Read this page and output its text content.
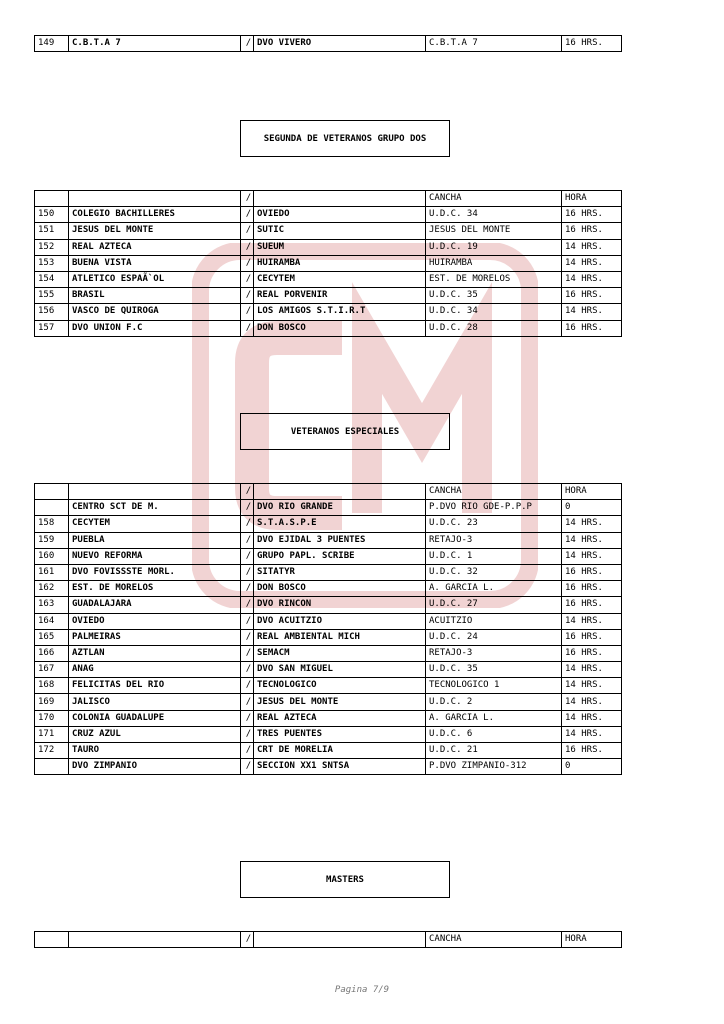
149	C.B.T.A 7	/	DVO VIVERO	C.B.T.A 7	16 HRS.
SEGUNDA DE VETERANOS GRUPO DOS
		/		CANCHA	HORA
150	COLEGIO BACHILLERES	/	OVIEDO	U.D.C. 34	16 HRS.
151	JESUS DEL MONTE	/	SUTIC	JESUS DEL MONTE	16 HRS.
152	REAL AZTECA	/	SUEUM	U.D.C. 19	14 HRS.
153	BUENA VISTA	/	HUIRAMBA	HUIRAMBA	14 HRS.
154	ATLETICO ESPAÃ`OL	/	CECYTEM	EST. DE MORELOS	14 HRS.
155	BRASIL	/	REAL PORVENIR	U.D.C. 35	16 HRS.
156	VASCO DE QUIROGA	/	LOS AMIGOS S.T.I.R.T	U.D.C. 34	14 HRS.
157	DVO UNION F.C	/	DON BOSCO	U.D.C. 28	16 HRS.
VETERANOS ESPECIALES
		/		CANCHA	HORA
	CENTRO SCT DE M.	/	DVO RIO GRANDE	P.DVO RIO GDE-P.P.P	0
158	CECYTEM	/	S.T.A.S.P.E	U.D.C. 23	14 HRS.
159	PUEBLA	/	DVO EJIDAL 3 PUENTES	RETAJO-3	14 HRS.
160	NUEVO REFORMA	/	GRUPO PAPL. SCRIBE	U.D.C. 1	14 HRS.
161	DVO FOVISSSTE MORL.	/	SITATYR	U.D.C. 32	16 HRS.
162	EST. DE MORELOS	/	DON BOSCO	A. GARCIA L.	16 HRS.
163	GUADALAJARA	/	DVO RINCON	U.D.C. 27	16 HRS.
164	OVIEDO	/	DVO ACUITZIO	ACUITZIO	14 HRS.
165	PALMEIRAS	/	REAL AMBIENTAL MICH	U.D.C. 24	16 HRS.
166	AZTLAN	/	SEMACM	RETAJO-3	16 HRS.
167	ANAG	/	DVO SAN MIGUEL	U.D.C. 35	14 HRS.
168	FELICITAS DEL RIO	/	TECNOLOGICO	TECNOLOGICO 1	14 HRS.
169	JALISCO	/	JESUS DEL MONTE	U.D.C. 2	14 HRS.
170	COLONIA GUADALUPE	/	REAL AZTECA	A. GARCIA L.	14 HRS.
171	CRUZ AZUL	/	TRES PUENTES	U.D.C. 6	14 HRS.
172	TAURO	/	CRT DE MORELIA	U.D.C. 21	16 HRS.
	DVO ZIMPANIO	/	SECCION XX1 SNTSA	P.DVO ZIMPANIO-312	0
MASTERS
		/		CANCHA	HORA
Pagina 7/9
